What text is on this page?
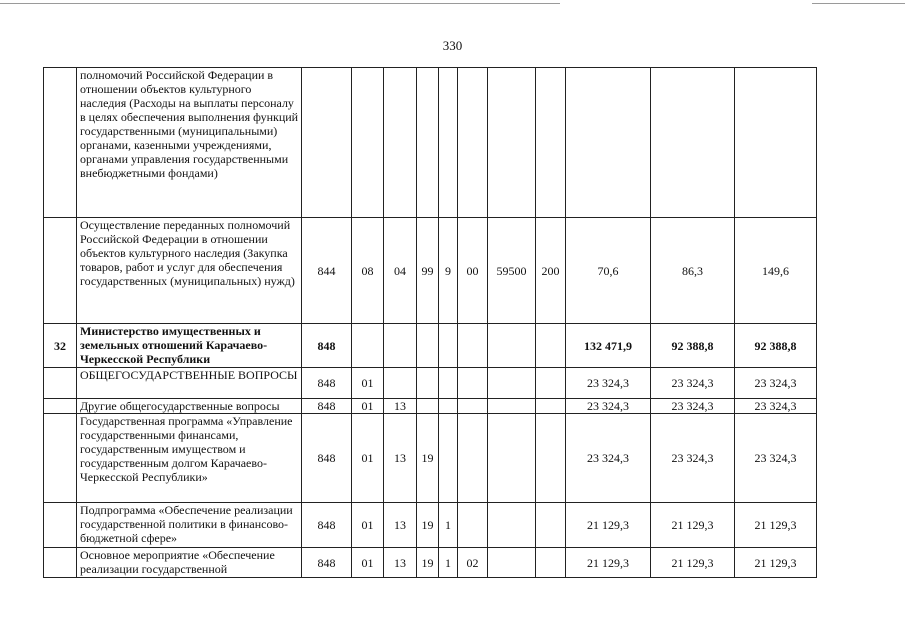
330
	полномочий Российской Федерации в отношении объектов культурного наследия (Расходы на выплаты персоналу в целях обеспечения выполнения функций государственными (муниципальными) органами, казенными учреждениями, органами управления государственными внебюджетными фондами)											
	Осуществление переданных полномочий Российской Федерации в отношении объектов культурного наследия (Закупка товаров, работ и услуг для обеспечения государственных (муниципальных) нужд)	844	08	04	99	9	00	59500	200	70,6	86,3	149,6
32	Министерство имущественных и земельных отношений Карачаево-Черкесской Республики	848								132 471,9	92 388,8	92 388,8
	ОБЩЕГОСУДАРСТВЕННЫЕ ВОПРОСЫ	848	01							23 324,3	23 324,3	23 324,3
	Другие общегосударственные вопросы	848	01	13						23 324,3	23 324,3	23 324,3
	Государственная программа «Управление государственными финансами, государственным имуществом и государственным долгом Карачаево-Черкесской Республики»	848	01	13	19					23 324,3	23 324,3	23 324,3
	Подпрограмма «Обеспечение реализации государственной политики в финансово-бюджетной сфере»	848	01	13	19	1				21 129,3	21 129,3	21 129,3
	Основное мероприятие «Обеспечение реализации государственной	848	01	13	19	1	02			21 129,3	21 129,3	21 129,3
